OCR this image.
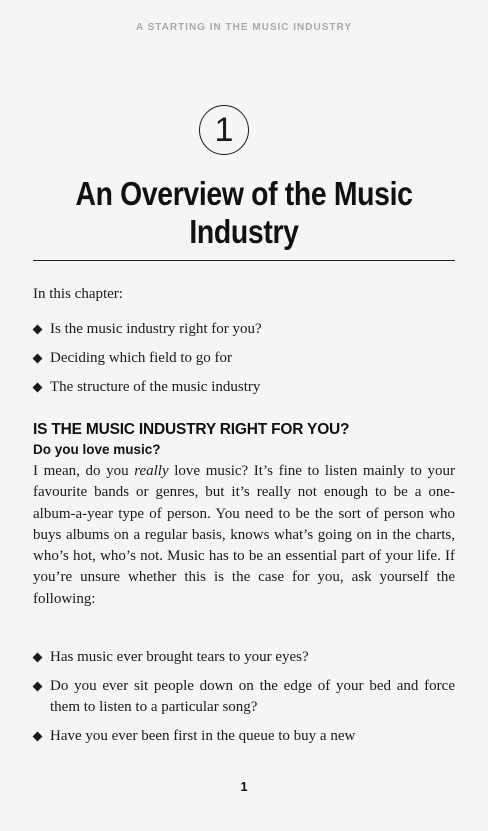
A STARTING IN THE MUSIC INDUSTRY
1
An Overview of the Music
Industry
In this chapter:
Is the music industry right for you?
Deciding which field to go for
The structure of the music industry
IS THE MUSIC INDUSTRY RIGHT FOR YOU?
Do you love music?

I mean, do you really love music? It’s fine to listen mainly to your favourite bands or genres, but it’s really not enough to be a one-album-a-year type of person. You need to be the sort of person who buys albums on a regular basis, knows what’s going on in the charts, who’s hot, who’s not. Music has to be an essential part of your life. If you’re unsure whether this is the case for you, ask yourself the following:

Has music ever brought tears to your eyes?
Do you ever sit people down on the edge of your bed and force them to listen to a particular song?
Have you ever been first in the queue to buy a new
1
